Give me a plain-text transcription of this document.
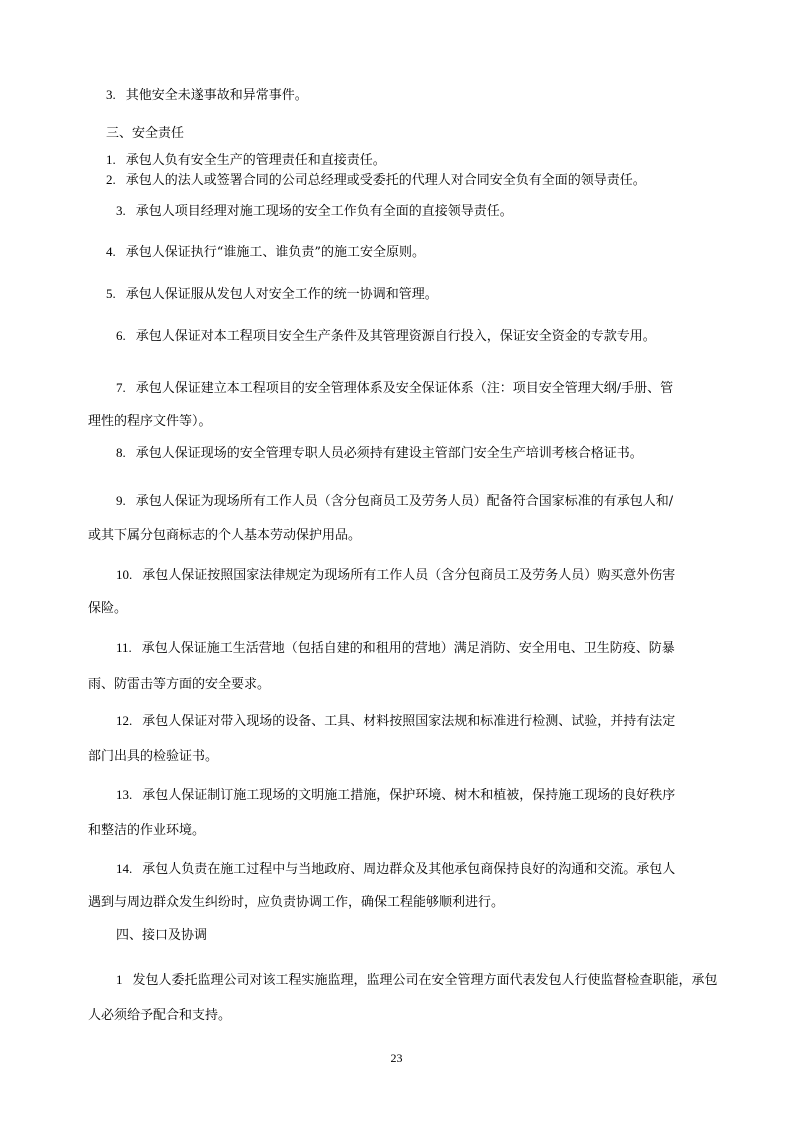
3. 其他安全未遂事故和异常事件。
三、安全责任
1. 承包人负有安全生产的管理责任和直接责任。
2. 承包人的法人或签署合同的公司总经理或受委托的代理人对合同安全负有全面的领导责任。
3. 承包人项目经理对施工现场的安全工作负有全面的直接领导责任。
4. 承包人保证执行“谁施工、谁负责”的施工安全原则。
5. 承包人保证服从发包人对安全工作的统一协调和管理。
6. 承包人保证对本工程项目安全生产条件及其管理资源自行投入，保证安全资金的专款专用。
7. 承包人保证建立本工程项目的安全管理体系及安全保证体系（注：项目安全管理大纲/手册、管
理性的程序文件等）。
8. 承包人保证现场的安全管理专职人员必须持有建设主管部门安全生产培训考核合格证书。
9. 承包人保证为现场所有工作人员（含分包商员工及劳务人员）配备符合国家标准的有承包人和/
或其下属分包商标志的个人基本劳动保护用品。
10. 承包人保证按照国家法律规定为现场所有工作人员（含分包商员工及劳务人员）购买意外伤害
保险。
11. 承包人保证施工生活营地（包括自建的和租用的营地）满足消防、安全用电、卫生防疫、防暴
雨、防雷击等方面的安全要求。
12. 承包人保证对带入现场的设备、工具、材料按照国家法规和标准进行检测、试验，并持有法定
部门出具的检验证书。
13. 承包人保证制订施工现场的文明施工措施，保护环境、树木和植被，保持施工现场的良好秩序
和整洁的作业环境。
14. 承包人负责在施工过程中与当地政府、周边群众及其他承包商保持良好的沟通和交流。承包人
遇到与周边群众发生纠纷时，应负责协调工作，确保工程能够顺利进行。
四、接口及协调
1 发包人委托监理公司对该工程实施监理，监理公司在安全管理方面代表发包人行使监督检查职能，承包
人必须给予配合和支持。
23
